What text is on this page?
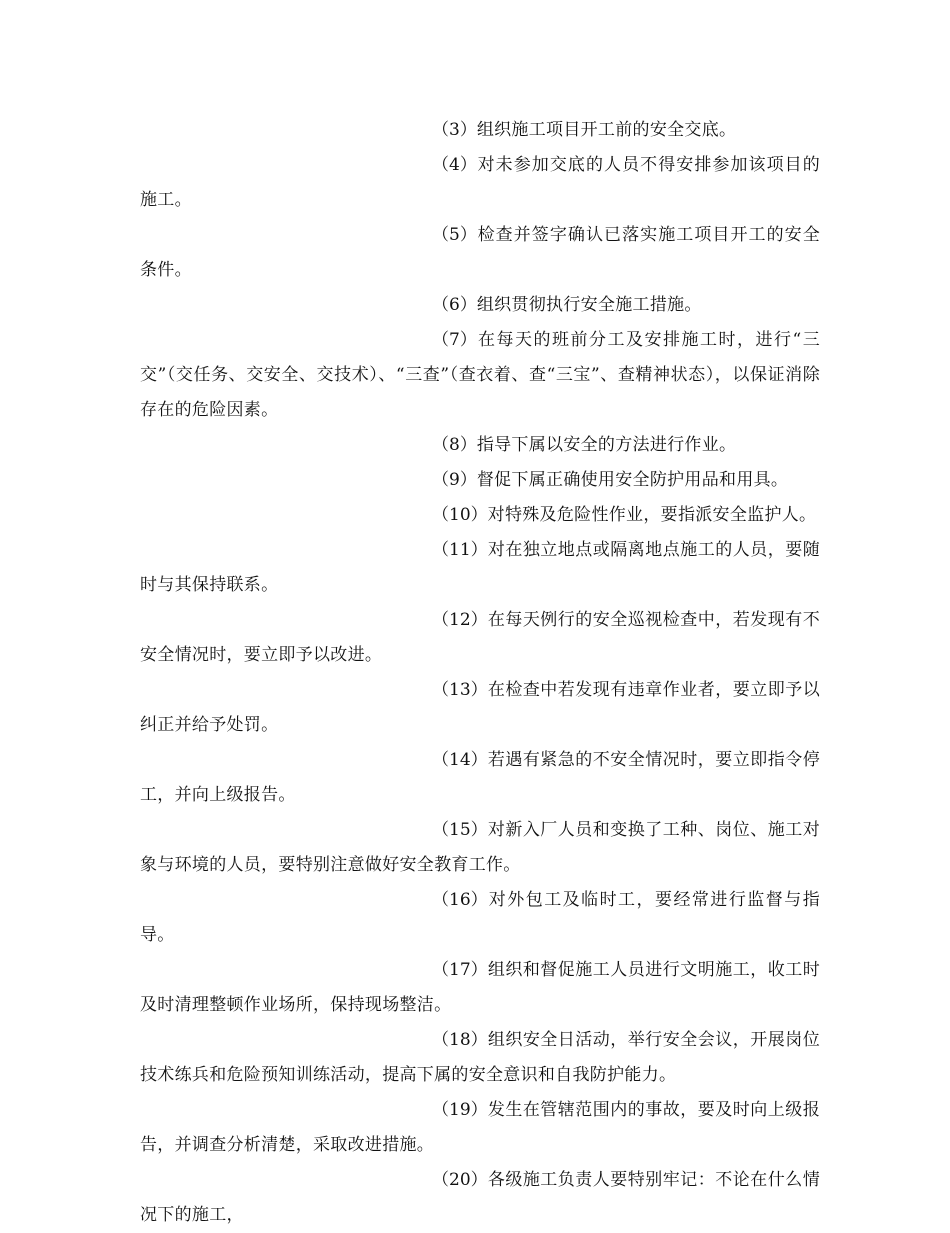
（3）组织施工项目开工前的安全交底。

（4）对未参加交底的人员不得安排参加该项目的施工。

（5）检查并签字确认已落实施工项目开工的安全条件。

（6）组织贯彻执行安全施工措施。

（7）在每天的班前分工及安排施工时，进行“三交”（交任务、交安全、交技术）、“三查”（查衣着、查“三宝”、查精神状态），以保证消除存在的危险因素。

（8）指导下属以安全的方法进行作业。

（9）督促下属正确使用安全防护用品和用具。

（10）对特殊及危险性作业，要指派安全监护人。

（11）对在独立地点或隔离地点施工的人员，要随时与其保持联系。

（12）在每天例行的安全巡视检查中，若发现有不安全情况时，要立即予以改进。

（13）在检查中若发现有违章作业者，要立即予以纠正并给予处罚。

（14）若遇有紧急的不安全情况时，要立即指令停工，并向上级报告。

（15）对新入厂人员和变换了工种、岗位、施工对象与环境的人员，要特别注意做好安全教育工作。

（16）对外包工及临时工，要经常进行监督与指导。

（17）组织和督促施工人员进行文明施工，收工时及时清理整顿作业场所，保持现场整洁。

（18）组织安全日活动，举行安全会议，开展岗位技术练兵和危险预知训练活动，提高下属的安全意识和自我防护能力。

（19）发生在管辖范围内的事故，要及时向上级报告，并调查分析清楚，采取改进措施。

（20）各级施工负责人要特别牢记：不论在什么情况下的施工，
